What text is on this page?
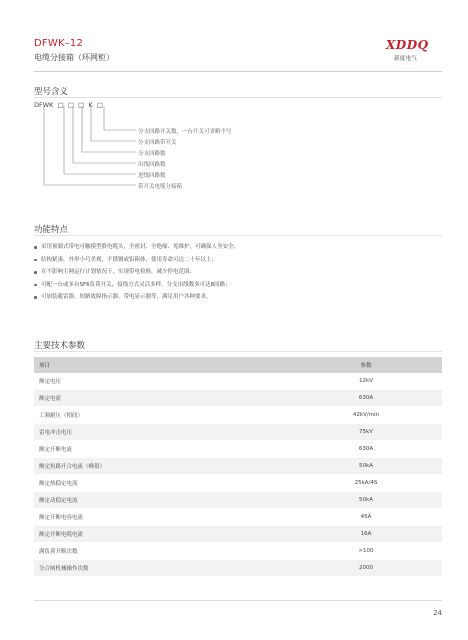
DFWK–12
电缆分接箱（环网柜）
XDDQ
新度电气
型号含义
DFWK  □  □  □  K  □
分支回路开关数，一台开关可省略不写
分支回路带开关
分支回路数
出线回路数
进线回路数
带开关电缆分接箱
功能特点
采用预制式带电可触摸型股电缆头，全密封、全绝缘、免维护，可确保人身安全；
结构紧凑，外形小巧美观，不锈钢或铝箱体，使用寿命可达二十年以上；
在不影响主网运行计划情况下，实现带电检修，减少停电范围；
可配一台或多台SF6负荷开关，接线方式灵活多样，分支出线数多可达8回路；
可加装避雷器、短路故障指示器、带电显示器等，满足用户各种要求。
主要技术参数
项目	参数
额定电压	12kV
额定电流	630A
工频耐压（相间）	42kV/min
雷电冲击电压	75kV
额定开断电流	630A
额定短路开合电流（峰值）	50kA
额定热稳定电流	25kA/4S
额定动稳定电流	50kA
额定开断电容电流	45A
额定开断电缆电流	16A
满负荷开断次数	>100
分合闸机械操作次数	2000
24
